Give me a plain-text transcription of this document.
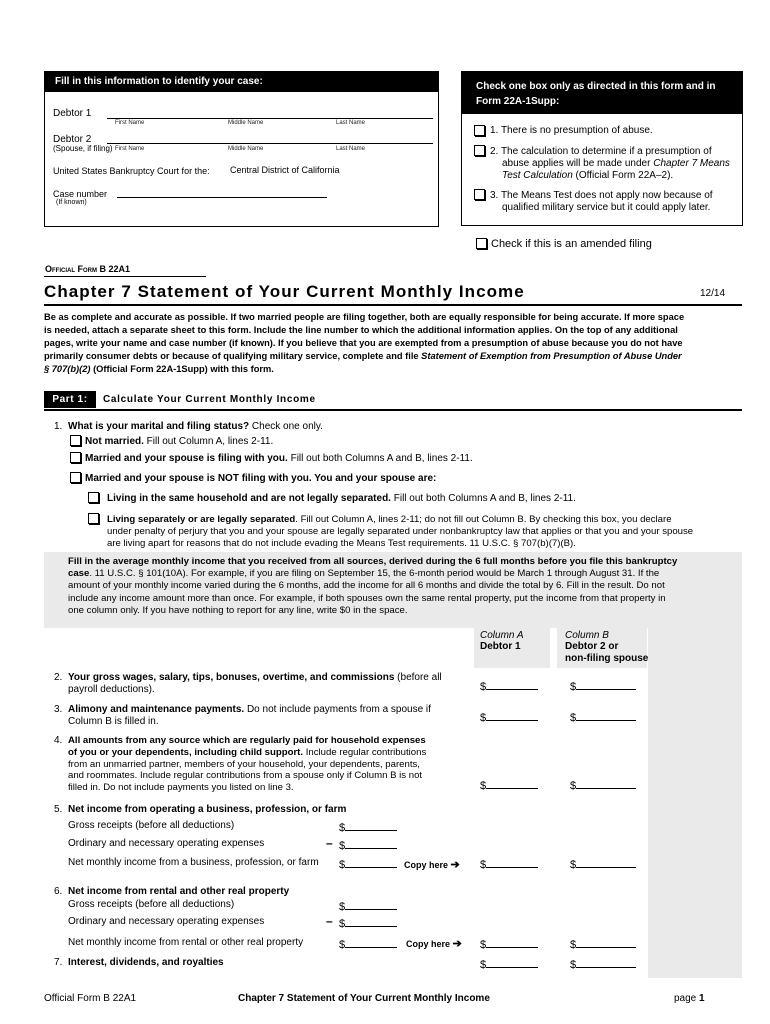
Fill in this information to identify your case:
Debtor 1
First Name	Middle Name	Last Name
Debtor 2
(Spouse, if filing) First Name	Middle Name	Last Name
United States Bankruptcy Court for the: Central District of California
Case number
(If known)
Check one box only as directed in this form and in
Form 22A-1Supp:
1. There is no presumption of abuse.
2. The calculation to determine if a presumption of
abuse applies will be made under Chapter 7 Means
Test Calculation (Official Form 22A–2).
3. The Means Test does not apply now because of
qualified military service but it could apply later.
Check if this is an amended filing
Official Form B 22A1
Chapter 7 Statement of Your Current Monthly Income	12/14
Be as complete and accurate as possible. If two married people are filing together, both are equally responsible for being accurate. If more space
is needed, attach a separate sheet to this form. Include the line number to which the additional information applies. On the top of any additional
pages, write your name and case number (if known). If you believe that you are exempted from a presumption of abuse because you do not have
primarily consumer debts or because of qualifying military service, complete and file Statement of Exemption from Presumption of Abuse Under
§ 707(b)(2) (Official Form 22A-1Supp) with this form.
Part 1:	Calculate Your Current Monthly Income
1. What is your marital and filing status? Check one only.
Not married. Fill out Column A, lines 2-11.
Married and your spouse is filing with you. Fill out both Columns A and B, lines 2-11.
Married and your spouse is NOT filing with you. You and your spouse are:
Living in the same household and are not legally separated. Fill out both Columns A and B, lines 2-11.
Living separately or are legally separated. Fill out Column A, lines 2-11; do not fill out Column B. By checking this box, you declare
under penalty of perjury that you and your spouse are legally separated under nonbankruptcy law that applies or that you and your spouse
are living apart for reasons that do not include evading the Means Test requirements. 11 U.S.C. § 707(b)(7)(B).
Fill in the average monthly income that you received from all sources, derived during the 6 full months before you file this bankruptcy
case. 11 U.S.C. § 101(10A). For example, if you are filing on September 15, the 6-month period would be March 1 through August 31. If the
amount of your monthly income varied during the 6 months, add the income for all 6 months and divide the total by 6. Fill in the result. Do not
include any income amount more than once. For example, if both spouses own the same rental property, put the income from that property in
one column only. If you have nothing to report for any line, write $0 in the space.
Column A
Debtor 1
Column B
Debtor 2 or
non-filing spouse
2. Your gross wages, salary, tips, bonuses, overtime, and commissions (before all
payroll deductions).	$	$
3. Alimony and maintenance payments. Do not include payments from a spouse if
Column B is filled in.	$	$
4. All amounts from any source which are regularly paid for household expenses
of you or your dependents, including child support. Include regular contributions
from an unmarried partner, members of your household, your dependents, parents,
and roommates. Include regular contributions from a spouse only if Column B is not
filled in. Do not include payments you listed on line 3.	$	$
5. Net income from operating a business, profession, or farm
Gross receipts (before all deductions)	$
Ordinary and necessary operating expenses	– $
Net monthly income from a business, profession, or farm $	Copy here ➔ $	$
6. Net income from rental and other real property
Gross receipts (before all deductions)	$
Ordinary and necessary operating expenses	– $
Net monthly income from rental or other real property	$	Copy here ➔ $	$
7. Interest, dividends, and royalties	$	$
Official Form B 22A1	Chapter 7 Statement of Your Current Monthly Income	page 1
